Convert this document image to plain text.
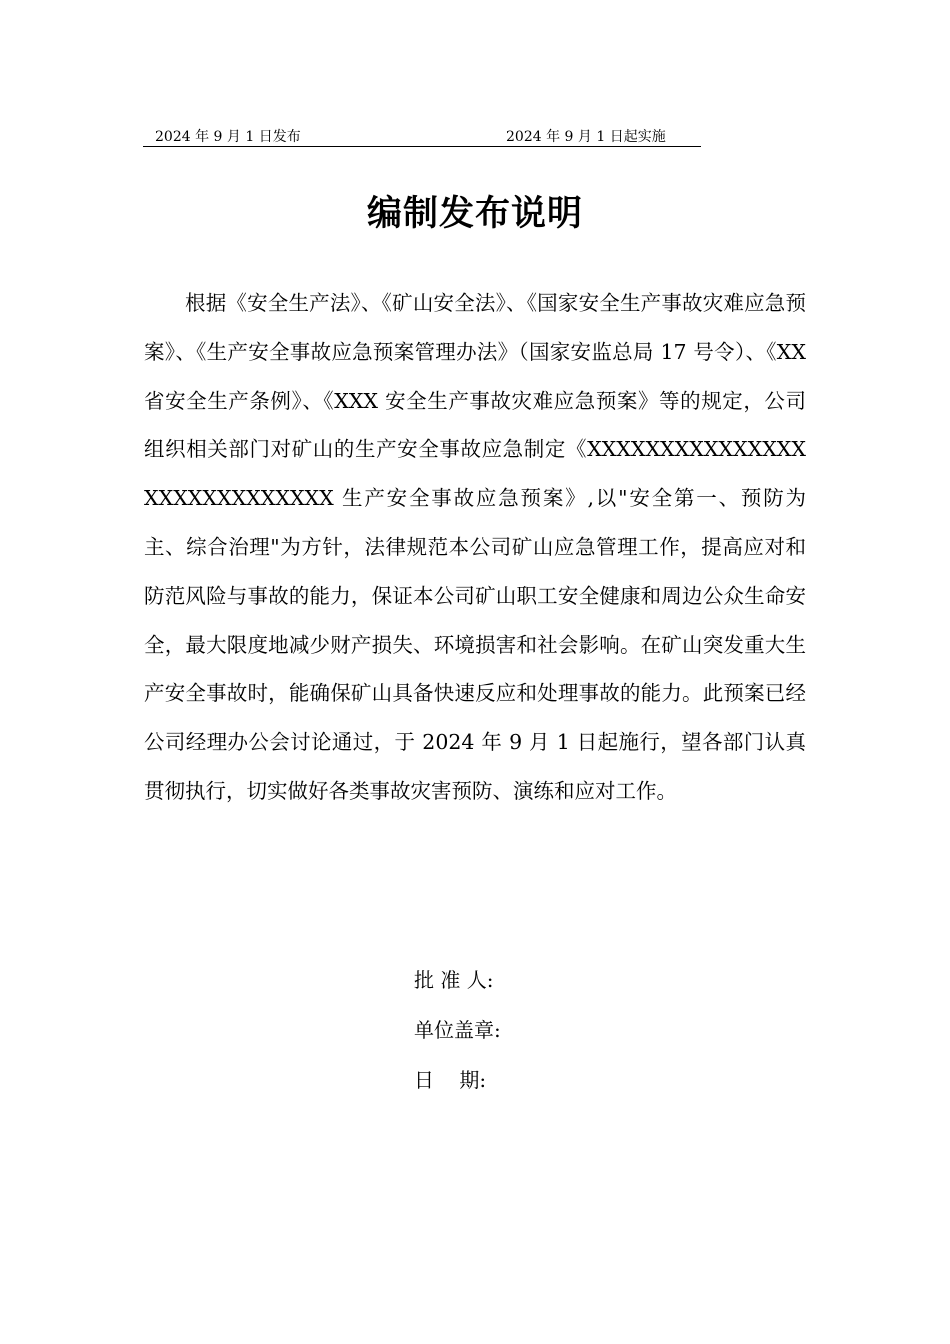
2024 年 9 月 1 日发布	2024 年 9 月 1 日起实施
编制发布说明

根据《安全生产法》、《矿山安全法》、《国家安全生产事故灾难应急预案》、《生产安全事故应急预案管理办法》（国家安监总局 17 号令）、《XX 省安全生产条例》、《XXX 安全生产事故灾难应急预案》等的规定，公司组织相关部门对矿山的生产安全事故应急制定《XXXXXXXXXXXXXXXXXXXXXXXXXXXX 生产安全事故应急预案》,以"安全第一、预防为主、综合治理"为方针，法律规范本公司矿山应急管理工作，提高应对和防范风险与事故的能力，保证本公司矿山职工安全健康和周边公众生命安全，最大限度地减少财产损失、环境损害和社会影响。在矿山突发重大生产安全事故时，能确保矿山具备快速反应和处理事故的能力。此预案已经公司经理办公会讨论通过，于 2024 年 9 月 1 日起施行，望各部门认真贯彻执行，切实做好各类事故灾害预防、演练和应对工作。

批 准 人:
单位盖章:
日    期:
